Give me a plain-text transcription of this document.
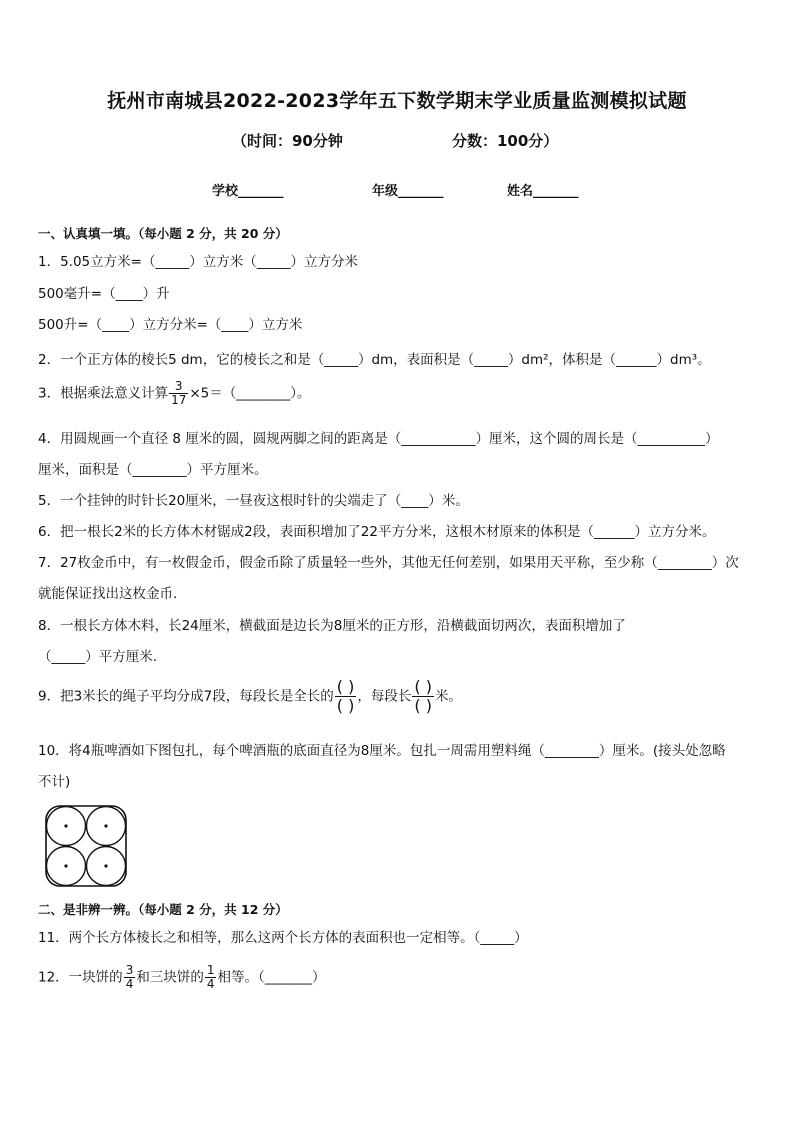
抚州市南城县2022-2023学年五下数学期末学业质量监测模拟试题
（时间：90分钟	分数：100分）
学校_______	年级_______	姓名_______
一、认真填一填。（每小题 2 分，共 20 分）
1．5.05立方米=（_____）立方米（_____）立方分米
500毫升=（____）升
500升=（____）立方分米=（____）立方米
2．一个正方体的棱长5 dm，它的棱长之和是（_____）dm，表面积是（_____）dm²，体积是（______）dm³。
3．根据乘法意义计算 $\frac{3}{17}$ ×5＝（________）。
4．用圆规画一个直径 8 厘米的圆，圆规两脚之间的距离是（___________）厘米，这个圆的周长是（__________）
厘米，面积是（________）平方厘米。
5．一个挂钟的时针长20厘米，一昼夜这根时针的尖端走了（____）米。
6．把一根长2米的长方体木材锯成2段，表面积增加了22平方分米，这根木材原来的体积是（______）立方分米。
7．27枚金币中，有一枚假金币，假金币除了质量轻一些外，其他无任何差别，如果用天平称，至少称（________）次
就能保证找出这枚金币．
8．一根长方体木料，长24厘米，横截面是边长为8厘米的正方形，沿横截面切两次，表面积增加了
（_____）平方厘米.
9．把3米长的绳子平均分成7段，每段长是全长的 $\frac{( )}{( )}$ ，每段长 $\frac{( )}{( )}$ 米。
10．将4瓶啤酒如下图包扎，每个啤酒瓶的底面直径为8厘米。包扎一周需用塑料绳（________）厘米。(接头处忽略
不计)
二、是非辨一辨。（每小题 2 分，共 12 分）
11．两个长方体棱长之和相等，那么这两个长方体的表面积也一定相等。（_____）
12．一块饼的 $\frac{3}{4}$ 和三块饼的 $\frac{1}{4}$ 相等。（_______）
